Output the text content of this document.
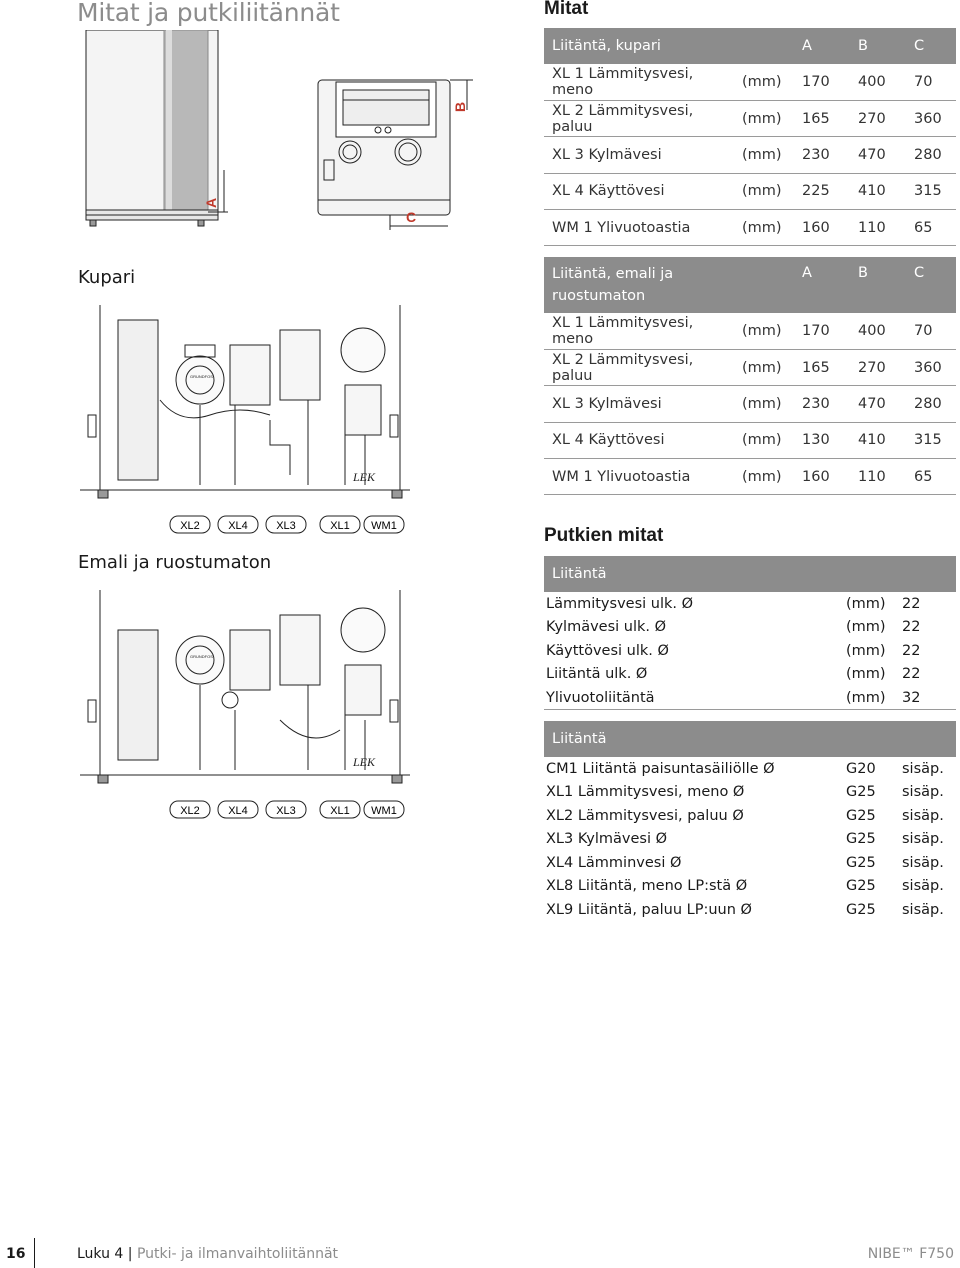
Mitat ja putkiliitännät
A
B
C
Kupari
LEK
GRUNDFOS
XL2	XL4	XL3	XL1 WM1
Emali ja ruostumaton
LEK
GRUNDFOS
XL2	XL4	XL3	XL1 WM1
Mitat
Liitäntä, kupari		A	B	C
XL 1 Lämmitysvesi, meno	(mm)	170	400	70
XL 2 Lämmitysvesi, paluu	(mm)	165	270	360
XL 3 Kylmävesi	(mm)	230	470	280
XL 4 Käyttövesi	(mm)	225	410	315
WM 1 Ylivuotoastia	(mm)	160	110	65
Liitäntä, emali ja ruostumaton		A	B	C
XL 1 Lämmitysvesi, meno	(mm)	170	400	70
XL 2 Lämmitysvesi, paluu	(mm)	165	270	360
XL 3 Kylmävesi	(mm)	230	470	280
XL 4 Käyttövesi	(mm)	130	410	315
WM 1 Ylivuotoastia	(mm)	160	110	65
Putkien mitat
Liitäntä		
Lämmitysvesi ulk. Ø	(mm)	22
Kylmävesi ulk. Ø	(mm)	22
Käyttövesi ulk. Ø	(mm)	22
Liitäntä ulk. Ø	(mm)	22
Ylivuotoliitäntä	(mm)	32
Liitäntä		
CM1 Liitäntä paisuntasäiliölle Ø	G20	sisäp.
XL1 Lämmitysvesi, meno Ø	G25	sisäp.
XL2 Lämmitysvesi, paluu Ø	G25	sisäp.
XL3 Kylmävesi Ø	G25	sisäp.
XL4 Lämminvesi Ø	G25	sisäp.
XL8 Liitäntä, meno LP:stä Ø	G25	sisäp.
XL9 Liitäntä, paluu LP:uun Ø	G25	sisäp.
16	Luku 4 | Putki- ja ilmanvaihtoliitännät	NIBE™ F750
